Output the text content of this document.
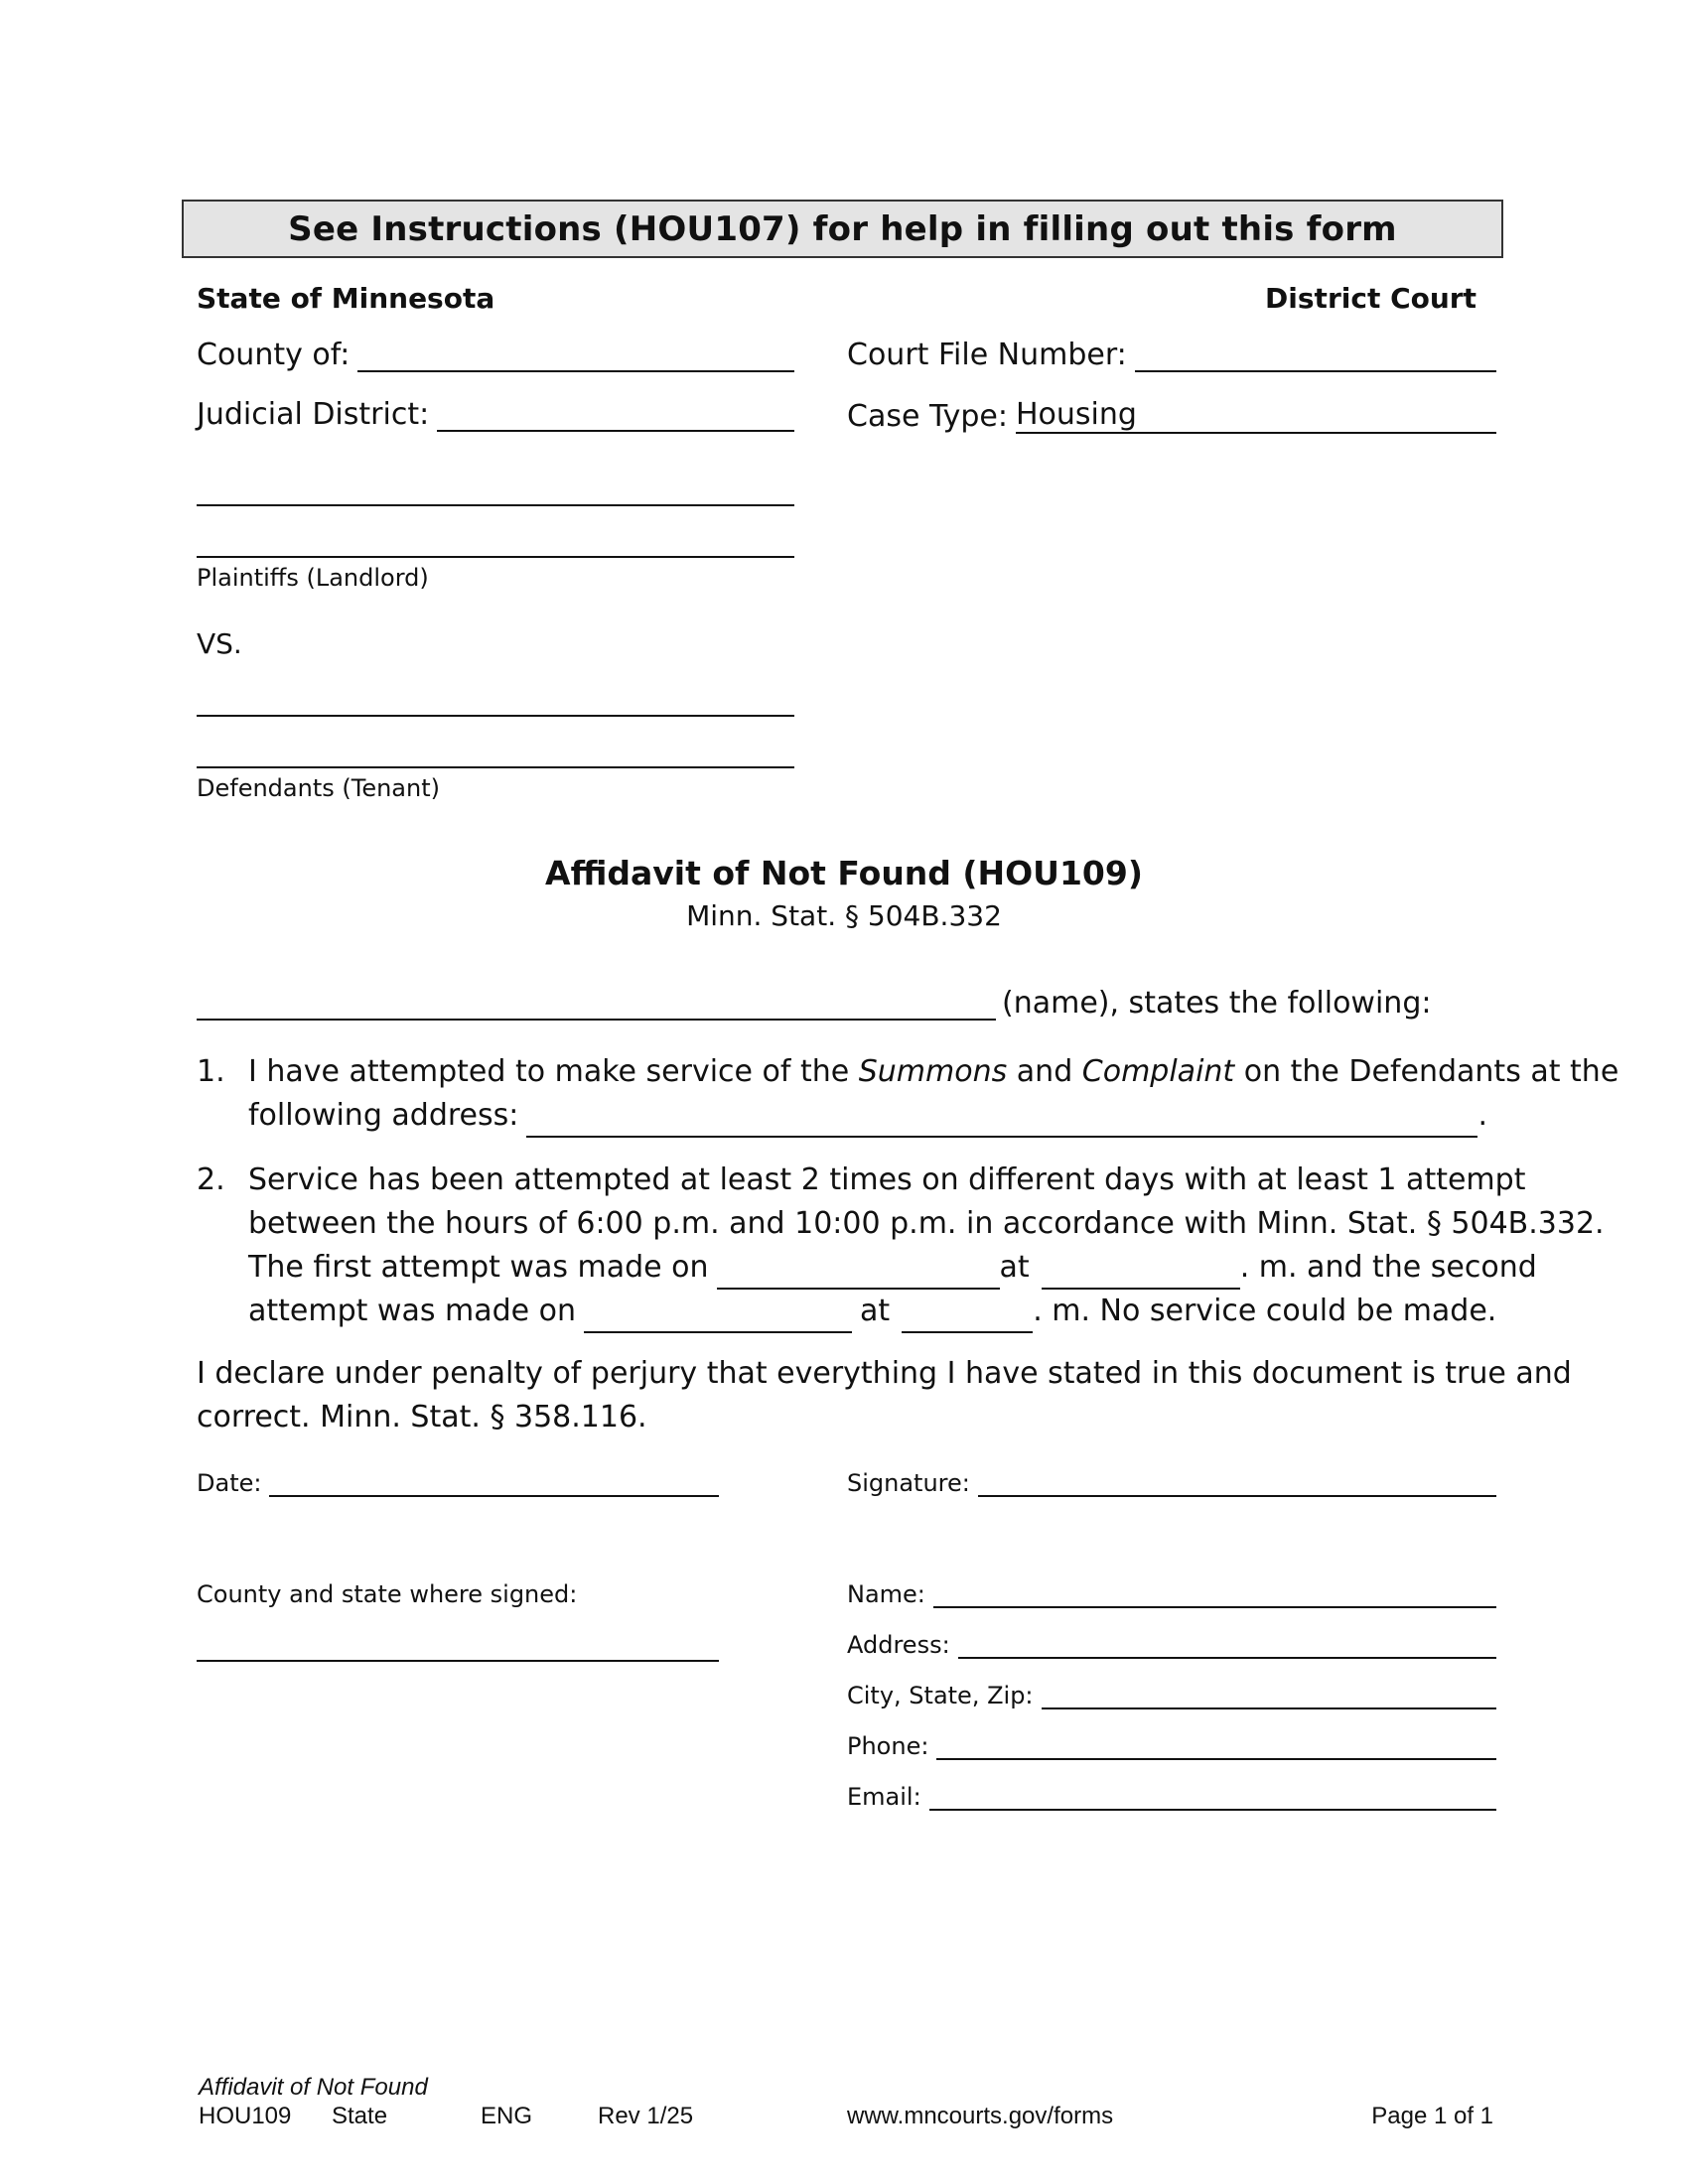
See Instructions (HOU107) for help in filling out this form
State of Minnesota	District Court
County of:
Judicial District:
Court File Number:
Case Type: Housing
Plaintiffs (Landlord)
VS.
Defendants (Tenant)
Affidavit of Not Found (HOU109)
Minn. Stat. § 504B.332
(name), states the following:
1. I have attempted to make service of the Summons and Complaint on the Defendants at the
following address:	.
2. Service has been attempted at least 2 times on different days with at least 1 attempt
between the hours of 6:00 p.m. and 10:00 p.m. in accordance with Minn. Stat. § 504B.332.
The first attempt was made on	at	. m. and the second
attempt was made on	at	. m. No service could be made.
I declare under penalty of perjury that everything I have stated in this document is true and
correct. Minn. Stat. § 358.116.
Date:
County and state where signed:
Signature:
Name:
Address:
City, State, Zip:
Phone:
Email:
Affidavit of Not Found
HOU109 State	ENG	Rev 1/25	www.mncourts.gov/forms	Page 1 of 1
